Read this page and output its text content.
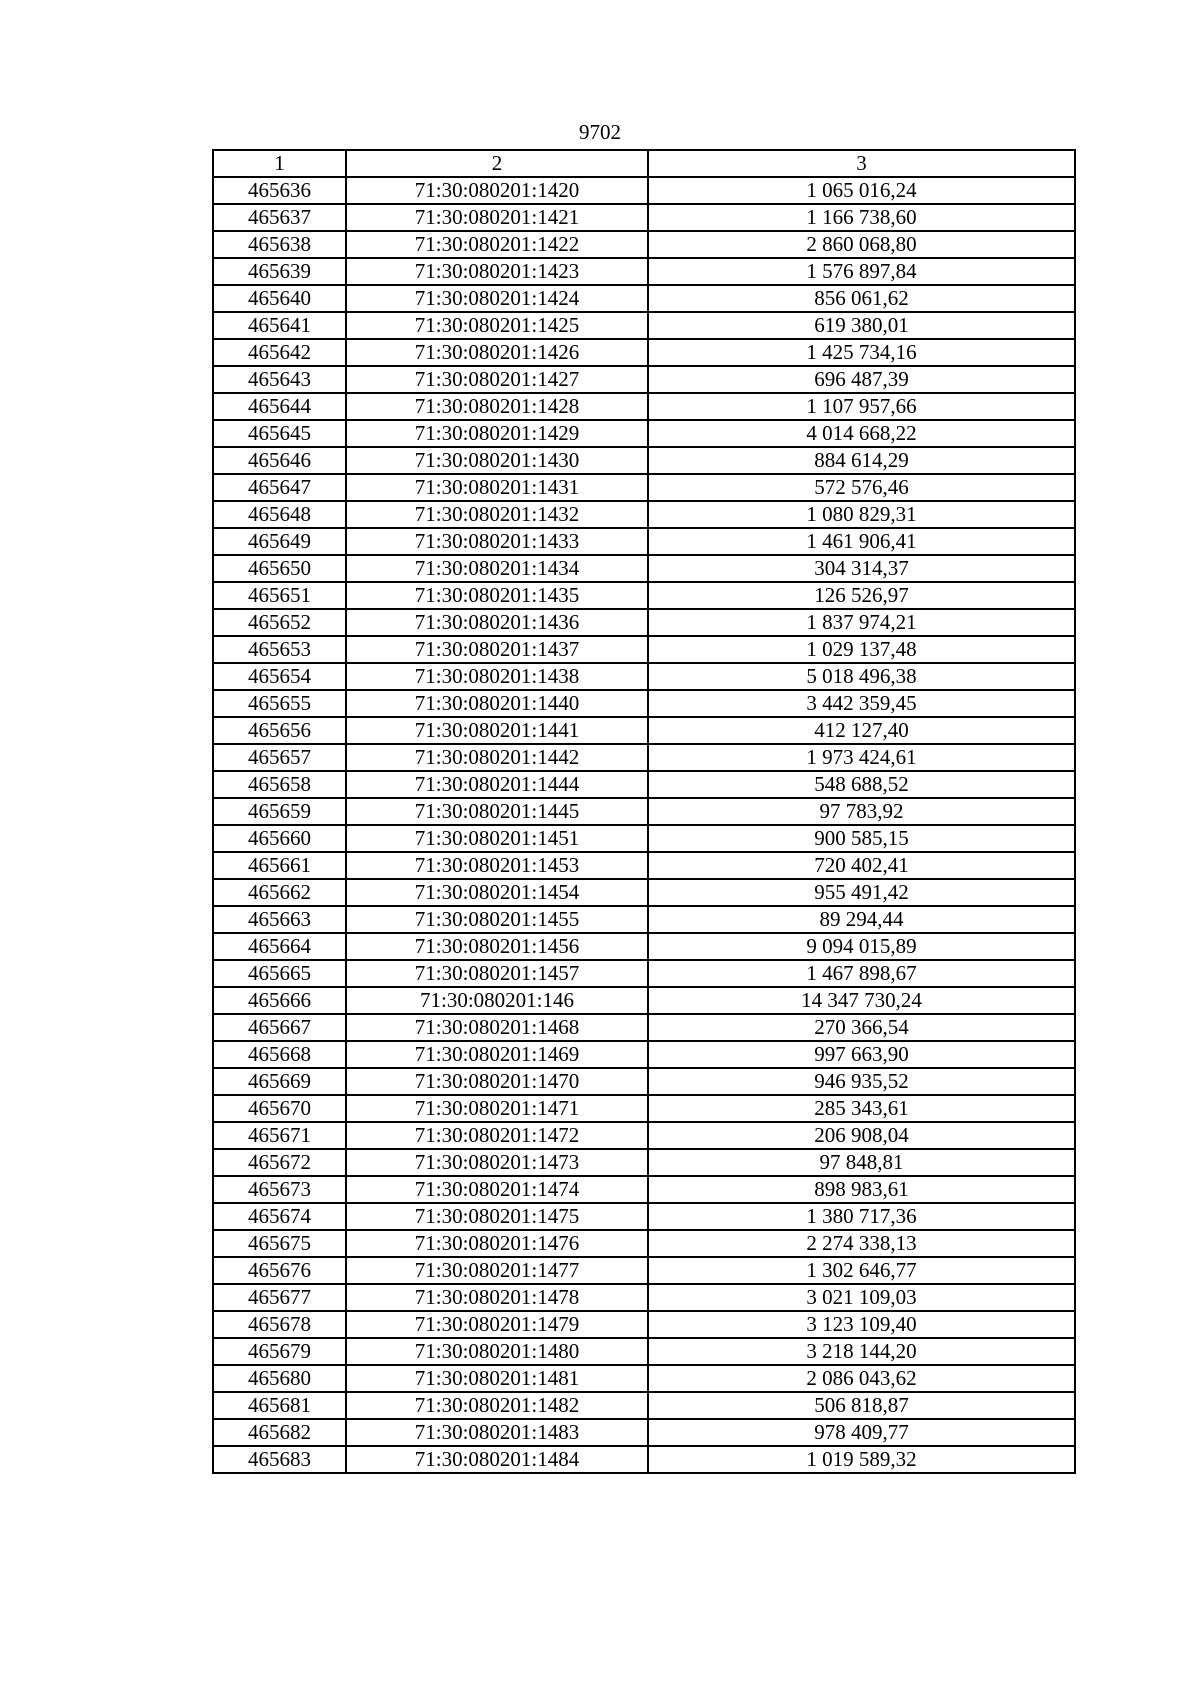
9702
1	2	3
465636	71:30:080201:1420	1 065 016,24
465637	71:30:080201:1421	1 166 738,60
465638	71:30:080201:1422	2 860 068,80
465639	71:30:080201:1423	1 576 897,84
465640	71:30:080201:1424	856 061,62
465641	71:30:080201:1425	619 380,01
465642	71:30:080201:1426	1 425 734,16
465643	71:30:080201:1427	696 487,39
465644	71:30:080201:1428	1 107 957,66
465645	71:30:080201:1429	4 014 668,22
465646	71:30:080201:1430	884 614,29
465647	71:30:080201:1431	572 576,46
465648	71:30:080201:1432	1 080 829,31
465649	71:30:080201:1433	1 461 906,41
465650	71:30:080201:1434	304 314,37
465651	71:30:080201:1435	126 526,97
465652	71:30:080201:1436	1 837 974,21
465653	71:30:080201:1437	1 029 137,48
465654	71:30:080201:1438	5 018 496,38
465655	71:30:080201:1440	3 442 359,45
465656	71:30:080201:1441	412 127,40
465657	71:30:080201:1442	1 973 424,61
465658	71:30:080201:1444	548 688,52
465659	71:30:080201:1445	97 783,92
465660	71:30:080201:1451	900 585,15
465661	71:30:080201:1453	720 402,41
465662	71:30:080201:1454	955 491,42
465663	71:30:080201:1455	89 294,44
465664	71:30:080201:1456	9 094 015,89
465665	71:30:080201:1457	1 467 898,67
465666	71:30:080201:146	14 347 730,24
465667	71:30:080201:1468	270 366,54
465668	71:30:080201:1469	997 663,90
465669	71:30:080201:1470	946 935,52
465670	71:30:080201:1471	285 343,61
465671	71:30:080201:1472	206 908,04
465672	71:30:080201:1473	97 848,81
465673	71:30:080201:1474	898 983,61
465674	71:30:080201:1475	1 380 717,36
465675	71:30:080201:1476	2 274 338,13
465676	71:30:080201:1477	1 302 646,77
465677	71:30:080201:1478	3 021 109,03
465678	71:30:080201:1479	3 123 109,40
465679	71:30:080201:1480	3 218 144,20
465680	71:30:080201:1481	2 086 043,62
465681	71:30:080201:1482	506 818,87
465682	71:30:080201:1483	978 409,77
465683	71:30:080201:1484	1 019 589,32
